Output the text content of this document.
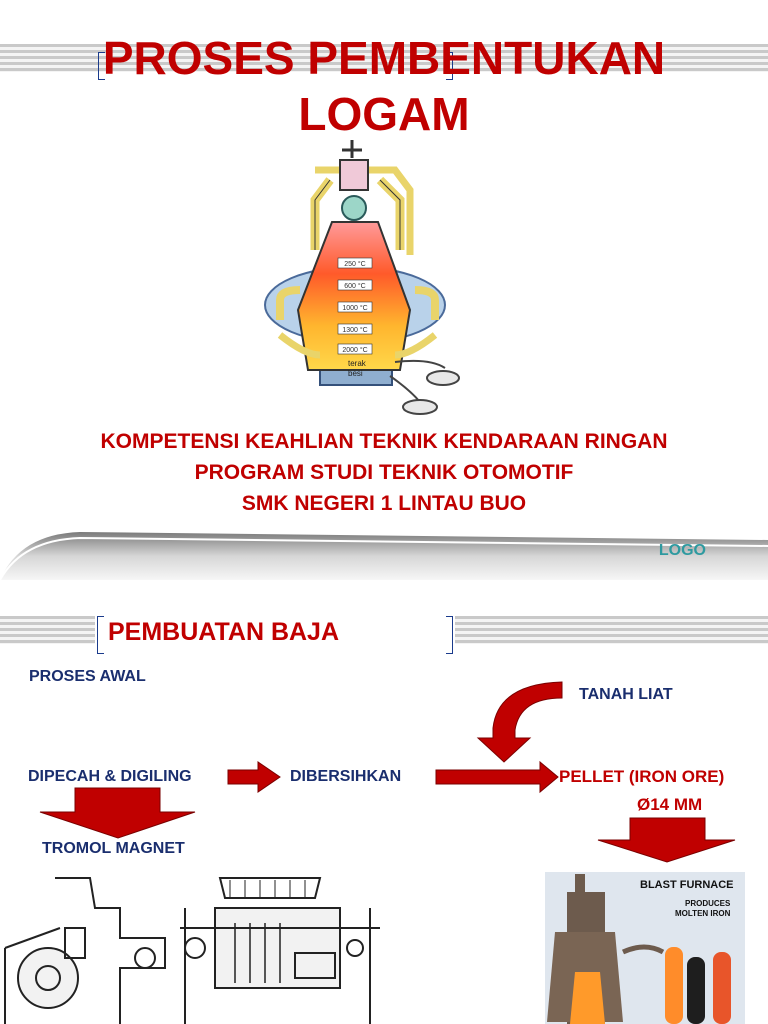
PROSES PEMBENTUKAN
LOGAM
250 °C
600 °C
1000 °C
1300 °C
2000 °C
terak
besi
KOMPETENSI KEAHLIAN TEKNIK KENDARAAN RINGAN
PROGRAM STUDI TEKNIK OTOMOTIF
SMK NEGERI 1 LINTAU BUO
LOGO
PEMBUATAN BAJA
PROSES AWAL
TANAH LIAT
DIPECAH & DIGILING	DIBERSIHKAN	PELLET (IRON ORE)
Ø14 MM
TROMOL MAGNET
BLAST FURNACE
PRODUCES
MOLTEN IRON
